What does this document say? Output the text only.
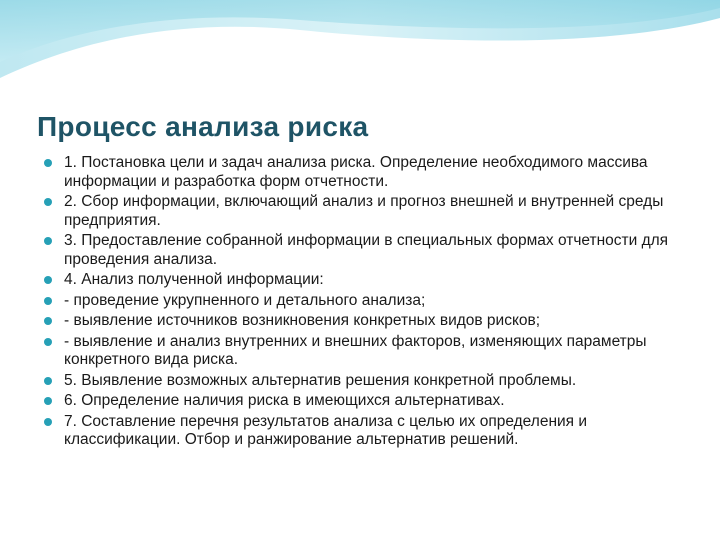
Процесс анализа риска
1. Постановка цели и задач анализа риска. Определение необходимого массива информации и разработка форм отчетности.
2. Сбор информации, включающий анализ и прогноз внешней и внутренней среды предприятия.
3. Предоставление собранной информации в специальных формах отчетности для проведения анализа.
4. Анализ полученной информации:
- проведение укрупненного и детального анализа;
- выявление источников возникновения конкретных видов рисков;
- выявление и анализ внутренних и внешних факторов, изменяющих параметры конкретного вида риска.
5. Выявление возможных альтернатив решения конкретной проблемы.
6. Определение наличия риска в имеющихся альтернативах.
7. Составление перечня результатов анализа с целью их определения и классификации. Отбор и ранжирование альтернатив решений.
